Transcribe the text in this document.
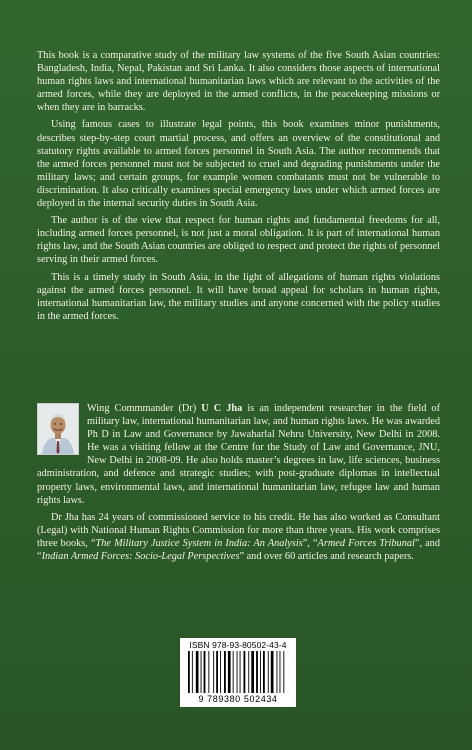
This book is a comparative study of the military law systems of the five South Asian countries: Bangladesh, India, Nepal, Pakistan and Sri Lanka. It also considers those aspects of international human rights laws and international humanitarian laws which are relevant to the activities of the armed forces, while they are deployed in the armed conflicts, in the peacekeeping missions or when they are in barracks.

Using famous cases to illustrate legal points, this book examines minor punishments, describes step-by-step court martial process, and offers an overview of the constitutional and statutory rights available to armed forces personnel in South Asia. The author recommends that the armed forces personnel must not be subjected to cruel and degrading punishments under the military laws; and certain groups, for example women combatants must not be vulnerable to discrimination. It also critically examines special emergency laws under which armed forces are deployed in the internal security duties in South Asia.

The author is of the view that respect for human rights and fundamental freedoms for all, including armed forces personnel, is not just a moral obligation. It is part of international human rights law, and the South Asian countries are obliged to respect and protect the rights of personnel serving in their armed forces.

This is a timely study in South Asia, in the light of allegations of human rights violations against the armed forces personnel. It will have broad appeal for scholars in human rights, international humanitarian law, the military studies and anyone concerned with the policy studies in the armed forces.

Wing Commmander (Dr) U C Jha is an independent researcher in the field of military law, international humanitarian law, and human rights laws. He was awarded Ph D in Law and Governance by Jawaharlal Nehru University, New Delhi in 2008. He was a visiting fellow at the Centre for the Study of Law and Governance, JNU, New Delhi in 2008-09. He also holds master’s degrees in law, life sciences, business administration, and defence and strategic studies; with post-graduate diplomas in intellectual property laws, environmental laws, and international humanitarian law, refugee law and human rights laws.

Dr Jha has 24 years of commissioned service to his credit. He has also worked as Consultant (Legal) with National Human Rights Commission for more than three years. His work comprises three books, “The Military Justice System in India: An Analysis”, “Armed Forces Tribunal”, and “Indian Armed Forces: Socio-Legal Perspectives” and over 60 articles and research papers.

ISBN 978-93-80502-43-4
9 789380 502434
